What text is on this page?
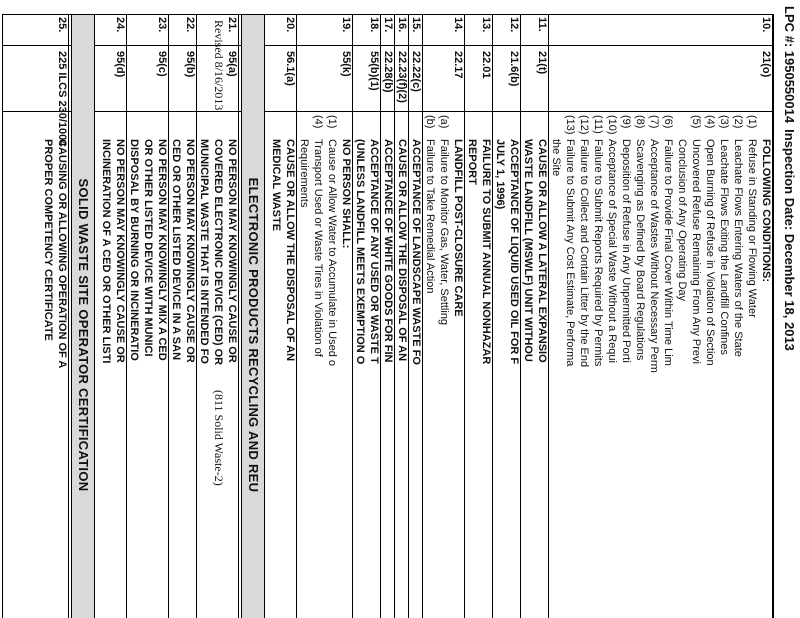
LPC #: 1950550014Inspection Date: December 18, 2013
10.
21(o)
FOLLOWING CONDITIONS:
(1)
Refuse in Standing or Flowing Water
(2)
Leachate Flows Entering Waters of the State
(3)
Leachate Flows Exiting the Landfill Confines
(4)
Open Burning of Refuse in Violation of Section
(5)
Uncovered Refuse Remaining From Any Previ
Conclusion of Any Operating Day
(6)
Failure to Provide Final Cover Within Time Lim
(7)
Acceptance of Wastes Without Necessary Perm
(8)
Scavenging as Defined by Board Regulations
(9)
Deposition of Refuse in Any Unpermitted Porti
(10)
Acceptance of Special Waste Without a Requi
(11)
Failure to Submit Reports Required by Permits
(12)
Failure to Collect and Contain Litter by the End
(13)
Failure to Submit Any Cost Estimate, Performa
the Site
11.
21(t)
CAUSE OR ALLOW A LATERAL EXPANSIO
WASTE LANDFILL (MSWLF) UNIT WITHOU
12.
21.6(b)
ACCEPTANCE OF LIQUID USED OIL FOR F
JULY 1, 1996)
13.
22.01
FAILURE TO SUBMIT ANNUAL NONHAZAR
REPORT
14.
22.17
LANDFILL POST-CLOSURE CARE
(a)
Failure to Monitor Gas, Water, Settling
(b)
Failure to Take Remedial Action
15.
22.22(c)
ACCEPTANCE OF LANDSCAPE WASTE FO
16.
22.23(f)(2)
CAUSE OR ALLOW THE DISPOSAL OF AN
17.
22.28(b)
ACCEPTANCE OF WHITE GOODS FOR FIN
18.
55(b)(1)
ACCEPTANCE OF ANY USED OR WASTE T
(UNLESS LANDFILL MEETS EXEMPTION O
19.
55(k)
NO PERSON SHALL:
(1)
Cause or Allow Water to Accumulate in Used o
(4)
Transport Used or Waste Tires in Violation of
Requirements
20.
56.1(a)
CAUSE OR ALLOW THE DISPOSAL OF AN
MEDICAL WASTE
ELECTRONIC PRODUCTS RECYCLING AND REU
21.
95(a)
NO PERSON MAY KNOWINGLY CAUSE OR
COVERED ELECTRONIC DEVICE (CED) OR
MUNICIPAL WASTE THAT IS INTENDED FO
22.
95(b)
NO PERSON MAY KNOWINGLY CAUSE OR
CED OR OTHER LISTED DEVICE IN A SAN
23.
95(c)
NO PERSON MAY KNOWINGLY MIX A CED
OR OTHER LISTED DEVICE WITH MUNICI
DISPOSAL BY BURNING OR INCINERATIO
24.
95(d)
NO PERSON MAY KNOWINGLY CAUSE OR
INCINERATION OF A CED OR OTHER LISTI
SOLID WASTE SITE OPERATOR CERTIFICATION
25.
225 ILCS 230/1004
CAUSING OR ALLOWING OPERATION OF A
PROPER COMPETENCY CERTIFICATE
Revised 8/16/2013
(811 Solid Waste-2)
